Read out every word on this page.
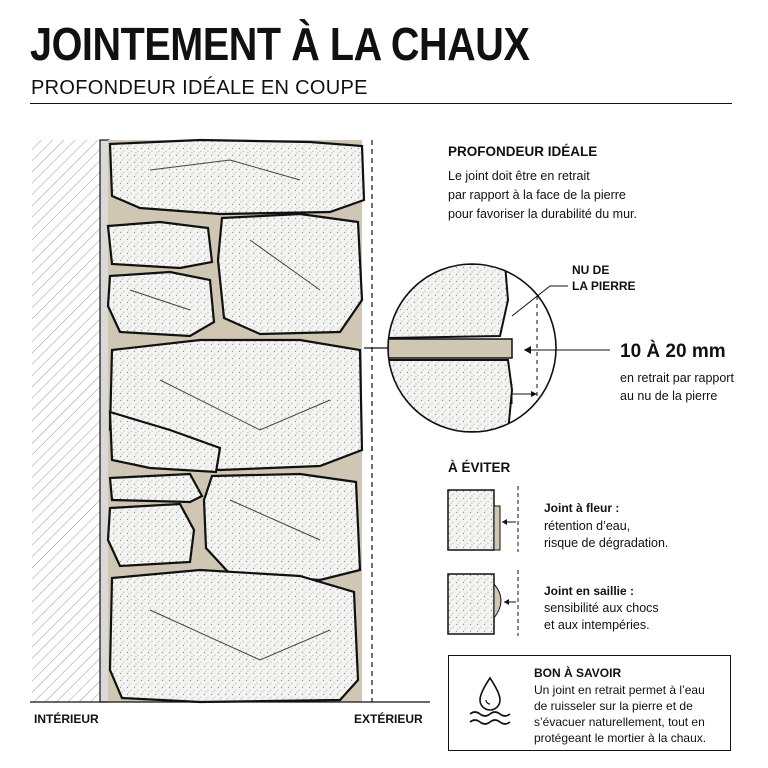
JOINTEMENT À LA CHAUX
PROFONDEUR IDÉALE EN COUPE
PROFONDEUR IDÉALE
Le joint doit être en retrait
par rapport à la face de la pierre
pour favoriser la durabilité du mur.
NU DE
LA PIERRE
10 À 20 mm
en retrait par rapport
au nu de la pierre
À ÉVITER
Joint à fleur :
rétention d’eau,
risque de dégradation.
Joint en saillie :
sensibilité aux chocs
et aux intempéries.
BON À SAVOIR
Un joint en retrait permet à l’eau
de ruisseler sur la pierre et de
s’évacuer naturellement, tout en
protégeant le mortier à la chaux.
INTÉRIEUR	EXTÉRIEUR
